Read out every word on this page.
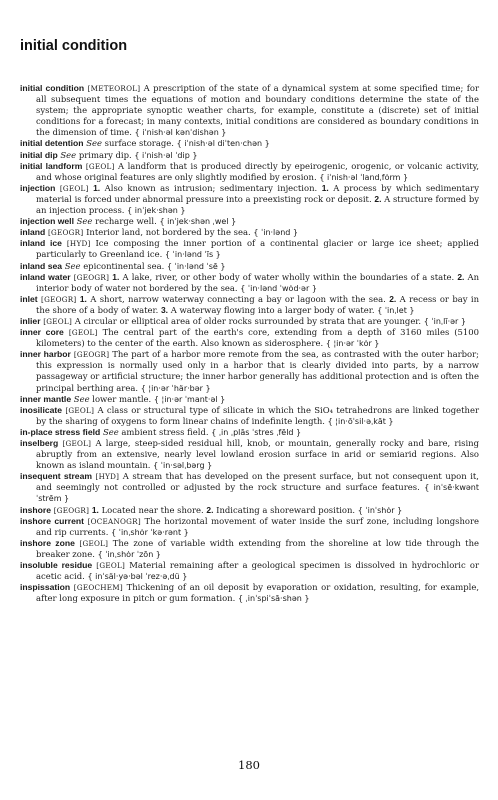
initial condition

initial condition [METEOROL] A prescription of the state of a dynamical system at some specified time; for all subsequent times the equations of motion and boundary conditions determine the state of the system; the appropriate synoptic weather charts, for example, constitute a (discrete) set of initial conditions for a forecast; in many contexts, initial conditions are considered as boundary conditions in the dimension of time. { iˈnish·əl kənˈdishən }

initial detention See surface storage. { iˈnish·əl diˈten·chən }

initial dip See primary dip. { iˈnish·əl ˈdip }

initial landform [GEOL] A landform that is produced directly by epeirogenic, orogenic, or volcanic activity, and whose original features are only slightly modified by erosion. { iˈnish·əl ˈlandˌfȯrm }

injection [GEOL] 1. Also known as intrusion; sedimentary injection. 1. A process by which sedimentary material is forced under abnormal pressure into a preexisting rock or deposit. 2. A structure formed by an injection process. { inˈjek·shən }

injection well See recharge well. { inˈjek·shən ˌwel }

inland [GEOGR] Interior land, not bordered by the sea. { ˈin·lənd }

inland ice [HYD] Ice composing the inner portion of a continental glacier or large ice sheet; applied particularly to Greenland ice. { ˈin·lənd ˈīs }

inland sea See epicontinental sea. { ˈin·lənd ˈsē }

inland water [GEOGR] 1. A lake, river, or other body of water wholly within the boundaries of a state. 2. An interior body of water not bordered by the sea. { ˈin·lənd ˈwȯd·ər }

inlet [GEOGR] 1. A short, narrow waterway connecting a bay or lagoon with the sea. 2. A recess or bay in the shore of a body of water. 3. A waterway flowing into a larger body of water. { ˈinˌlet }

inlier [GEOL] A circular or elliptical area of older rocks surrounded by strata that are younger. { ˈinˌlī·ər }

inner core [GEOL] The central part of the earth's core, extending from a depth of 3160 miles (5100 kilometers) to the center of the earth. Also known as siderosphere. { ¦in·ər ˈkȯr }

inner harbor [GEOGR] The part of a harbor more remote from the sea, as contrasted with the outer harbor; this expression is normally used only in a harbor that is clearly divided into parts, by a narrow passageway or artificial structure; the inner harbor generally has additional protection and is often the principal berthing area. { ¦in·ər ˈhär·bər }

inner mantle See lower mantle. { ¦in·ər ˈmant·əl }

inosilicate [GEOL] A class or structural type of silicate in which the SiO₄ tetrahedrons are linked together by the sharing of oxygens to form linear chains of indefinite length. { ¦in·ōˈsil·əˌkāt }

in-place stress field See ambient stress field. { ˌin ˌplās ˈstres ˌfēld }

inselberg [GEOL] A large, steep-sided residual hill, knob, or mountain, generally rocky and bare, rising abruptly from an extensive, nearly level lowland erosion surface in arid or semiarid regions. Also known as island mountain. { ˈin·səlˌbərg }

insequent stream [HYD] A stream that has developed on the present surface, but not consequent upon it, and seemingly not controlled or adjusted by the rock structure and surface features. { inˈsē·kwənt ˈstrēm }

inshore [GEOGR] 1. Located near the shore. 2. Indicating a shoreward position. { ˈinˈshȯr }

inshore current [OCEANOGR] The horizontal movement of water inside the surf zone, including longshore and rip currents. { ˈinˌshȯr ˈkə·rənt }

inshore zone [GEOL] The zone of variable width extending from the shoreline at low tide through the breaker zone. { ˈinˌshȯr ˈzōn }

insoluble residue [GEOL] Material remaining after a geological specimen is dissolved in hydrochloric or acetic acid. { inˈsäl·yə·bəl ˈrez·əˌdü }

inspissation [GEOCHEM] Thickening of an oil deposit by evaporation or oxidation, resulting, for example, after long exposure in pitch or gum formation. { ˌinˈspiˈsā·shən }

180
